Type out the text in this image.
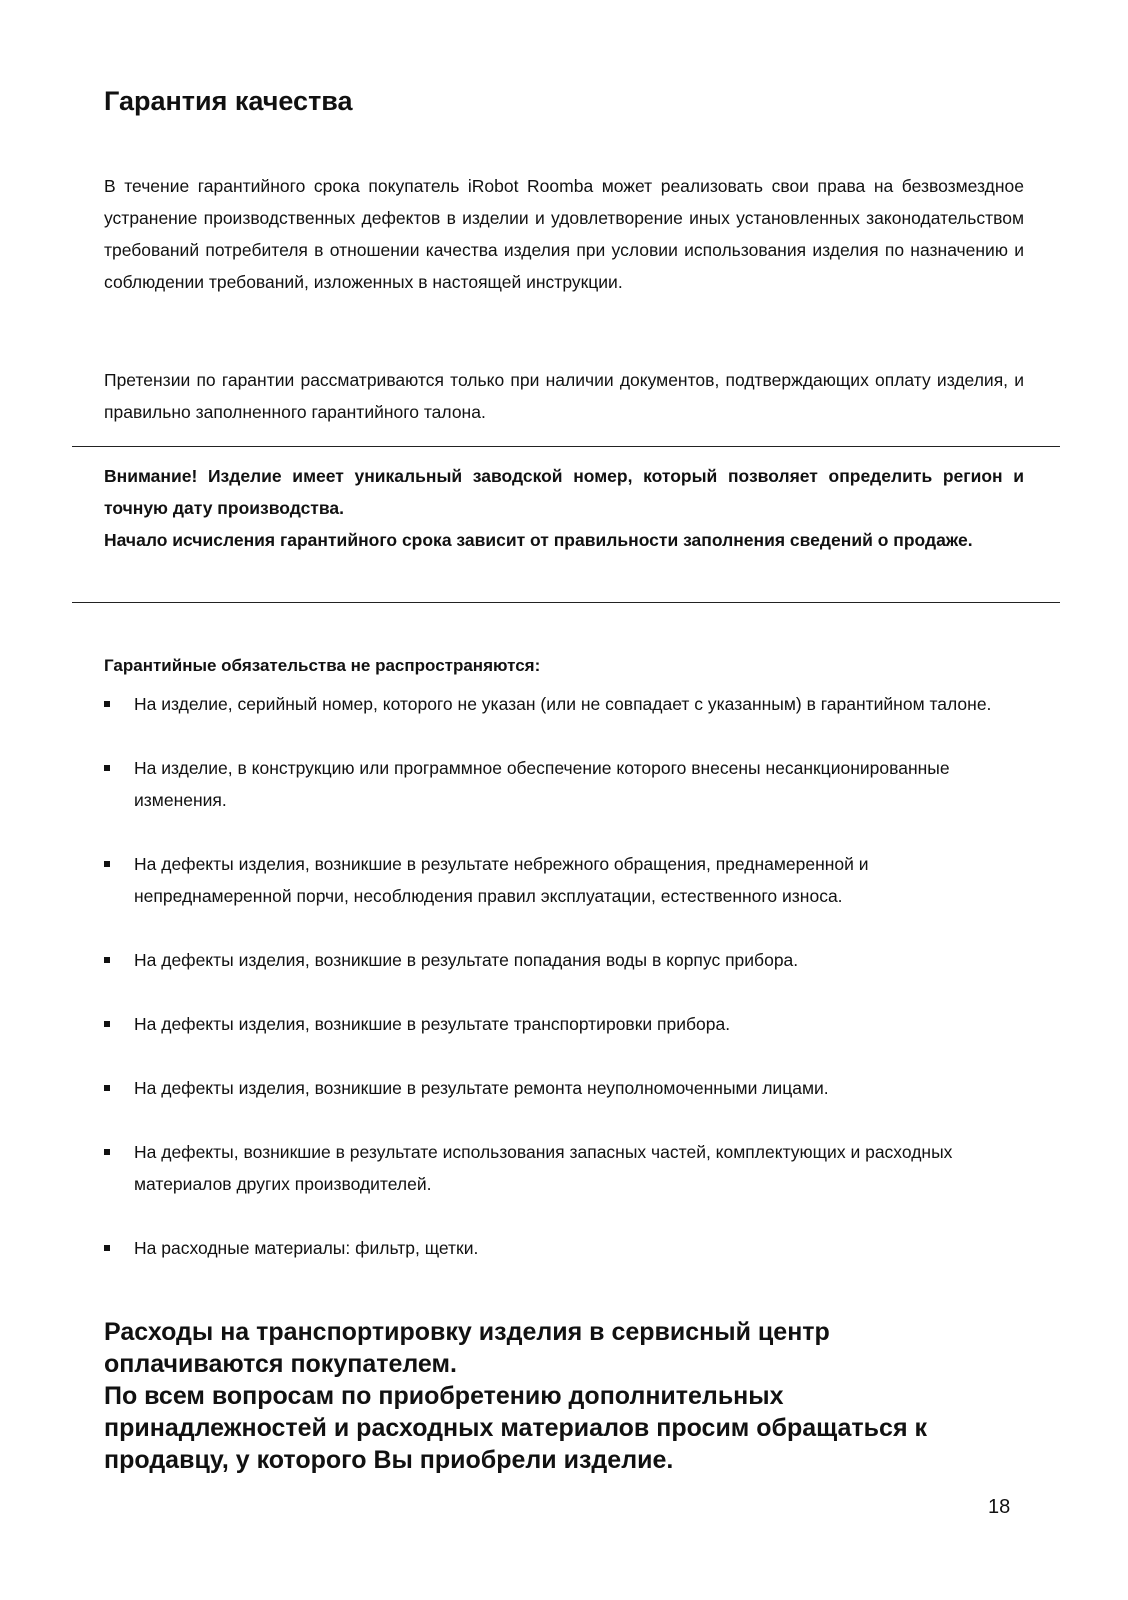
Гарантия качества

В течение гарантийного срока покупатель iRobot Roomba может реализовать свои права на безвозмездное устранение производственных дефектов в изделии и удовлетворение иных установленных законодательством требований потребителя в отношении качества изделия при условии использования изделия по назначению и соблюдении требований, изложенных в настоящей инструкции.

Претензии по гарантии рассматриваются только при наличии документов, подтверждающих оплату изделия, и правильно заполненного гарантийного талона.

Внимание! Изделие имеет уникальный заводской номер, который позволяет определить регион и точную дату производства.

Начало исчисления гарантийного срока зависит от правильности заполнения сведений о продаже.

Гарантийные обязательства не распространяются:
На изделие, серийный номер, которого не указан (или не совпадает с указанным) в гарантийном талоне.
На изделие, в конструкцию или программное обеспечение которого внесены несанкционированные изменения.
На дефекты изделия, возникшие в результате небрежного обращения, преднамеренной и непреднамеренной порчи, несоблюдения правил эксплуатации, естественного износа.
На дефекты изделия, возникшие в результате попадания воды в корпус прибора.
На дефекты изделия, возникшие в результате транспортировки прибора.
На дефекты изделия, возникшие в результате ремонта неуполномоченными лицами.
На дефекты, возникшие в результате использования запасных частей, комплектующих и расходных материалов других производителей.
На расходные материалы: фильтр, щетки.

Расходы на транспортировку изделия в сервисный центр оплачиваются покупателем.

По всем вопросам по приобретению дополнительных принадлежностей и расходных материалов просим обращаться к продавцу, у которого Вы приобрели изделие.

18
